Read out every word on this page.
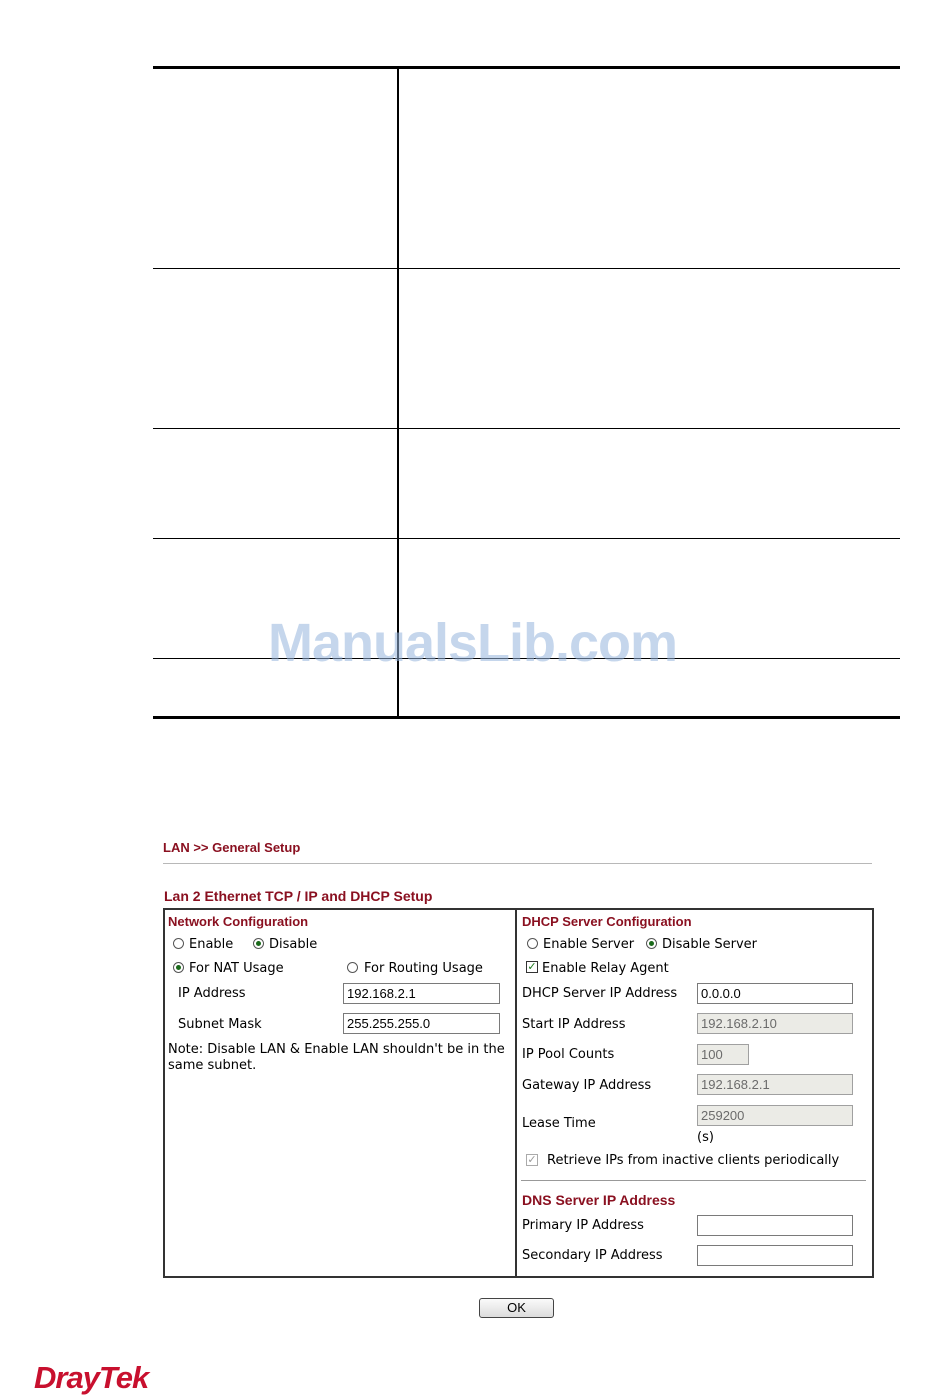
ManualsLib.com
LAN >> General Setup
Lan 2 Ethernet TCP / IP and DHCP Setup
Network Configuration
Enable	Disable
For NAT Usage	For Routing Usage
IP Address	192.168.2.1
Subnet Mask	255.255.255.0
Note: Disable LAN & Enable LAN shouldn't be in the
same subnet.
DHCP Server Configuration
Enable Server Disable Server
✓ Enable Relay Agent
DHCP Server IP Address	0.0.0.0
Start IP Address	192.168.2.10
IP Pool Counts	100
Gateway IP Address	192.168.2.1
Lease Time
259200
(s)
✓ Retrieve IPs from inactive clients periodically
DNS Server IP Address
Primary IP Address
Secondary IP Address
OK
DrayTek
